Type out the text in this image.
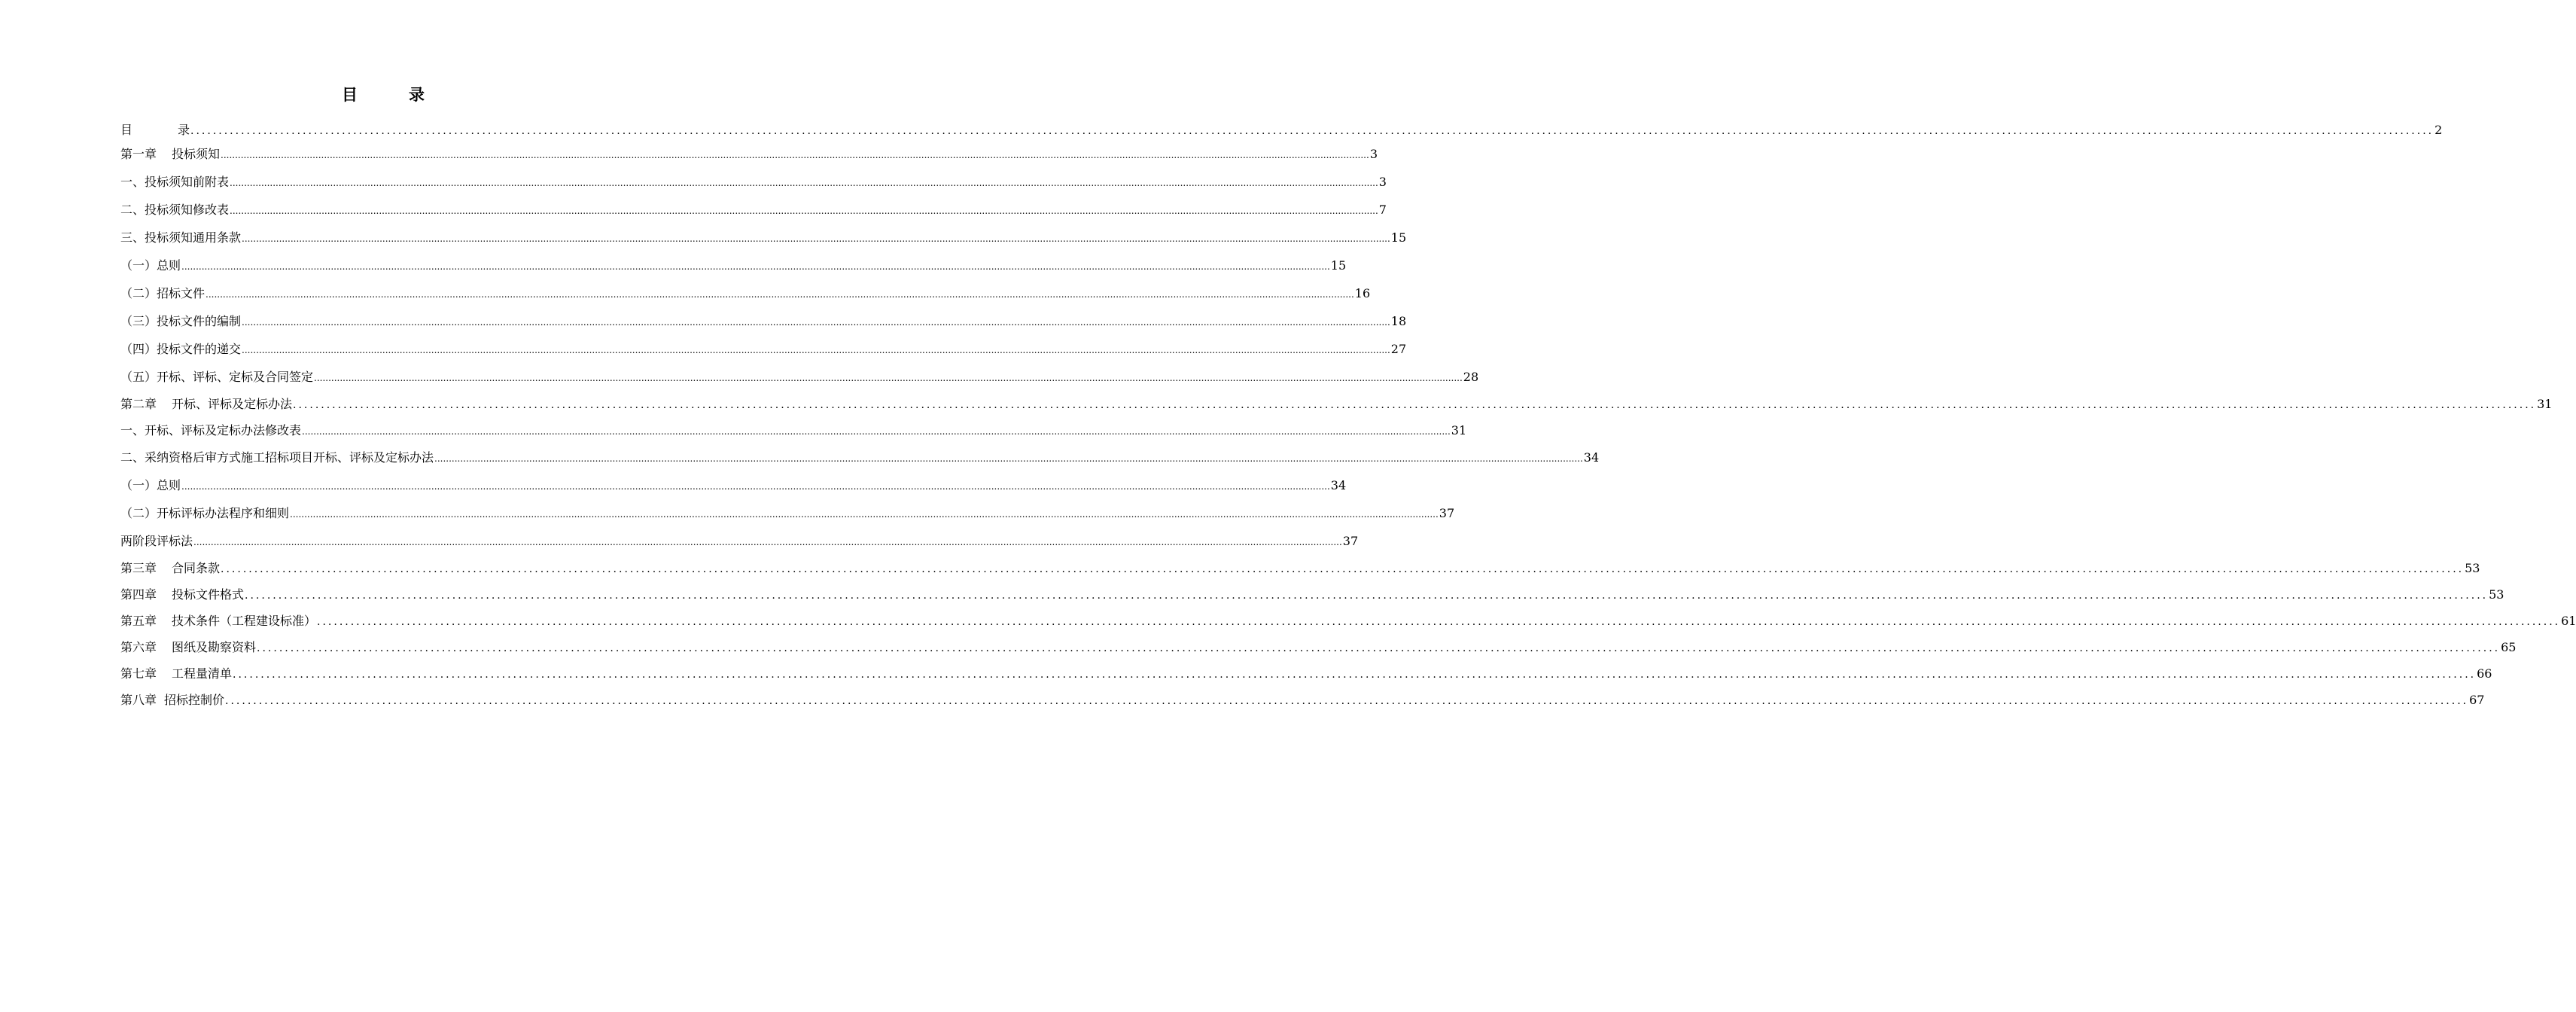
目	录
目	录 ................................................................................................................................................................................................................................................................................................................................................................................................................ 2
第一章 投标须知 ................................................................................................................................................................................................................................................................................................................................................................................................................ 3
一、投标须知前附表 ................................................................................................................................................................................................................................................................................................................................................................................................................ 3
二、投标须知修改表 ................................................................................................................................................................................................................................................................................................................................................................................................................ 7
三、投标须知通用条款 ................................................................................................................................................................................................................................................................................................................................................................................................................ 15
（一）总则 ................................................................................................................................................................................................................................................................................................................................................................................................................ 15
（二）招标文件 ................................................................................................................................................................................................................................................................................................................................................................................................................ 16
（三）投标文件的编制 ................................................................................................................................................................................................................................................................................................................................................................................................................ 18
（四）投标文件的递交 ................................................................................................................................................................................................................................................................................................................................................................................................................ 27
（五）开标、评标、定标及合同签定 ................................................................................................................................................................................................................................................................................................................................................................................................................ 28
第二章 开标、评标及定标办法 ................................................................................................................................................................................................................................................................................................................................................................................................................ 31
一、开标、评标及定标办法修改表 ................................................................................................................................................................................................................................................................................................................................................................................................................ 31
二、采纳资格后审方式施工招标项目开标、评标及定标办法 ................................................................................................................................................................................................................................................................................................................................................................................................................ 34
（一）总则 ................................................................................................................................................................................................................................................................................................................................................................................................................ 34
（二）开标评标办法程序和细则 ................................................................................................................................................................................................................................................................................................................................................................................................................ 37
两阶段评标法 ................................................................................................................................................................................................................................................................................................................................................................................................................ 37
第三章 合同条款 ................................................................................................................................................................................................................................................................................................................................................................................................................ 53
第四章 投标文件格式 ................................................................................................................................................................................................................................................................................................................................................................................................................ 53
第五章 技术条件（工程建设标准） ................................................................................................................................................................................................................................................................................................................................................................................................................ 61
第六章 图纸及勘察资料 ................................................................................................................................................................................................................................................................................................................................................................................................................ 65
第七章 工程量清单 ................................................................................................................................................................................................................................................................................................................................................................................................................ 66
第八章 招标控制价 ................................................................................................................................................................................................................................................................................................................................................................................................................ 67
